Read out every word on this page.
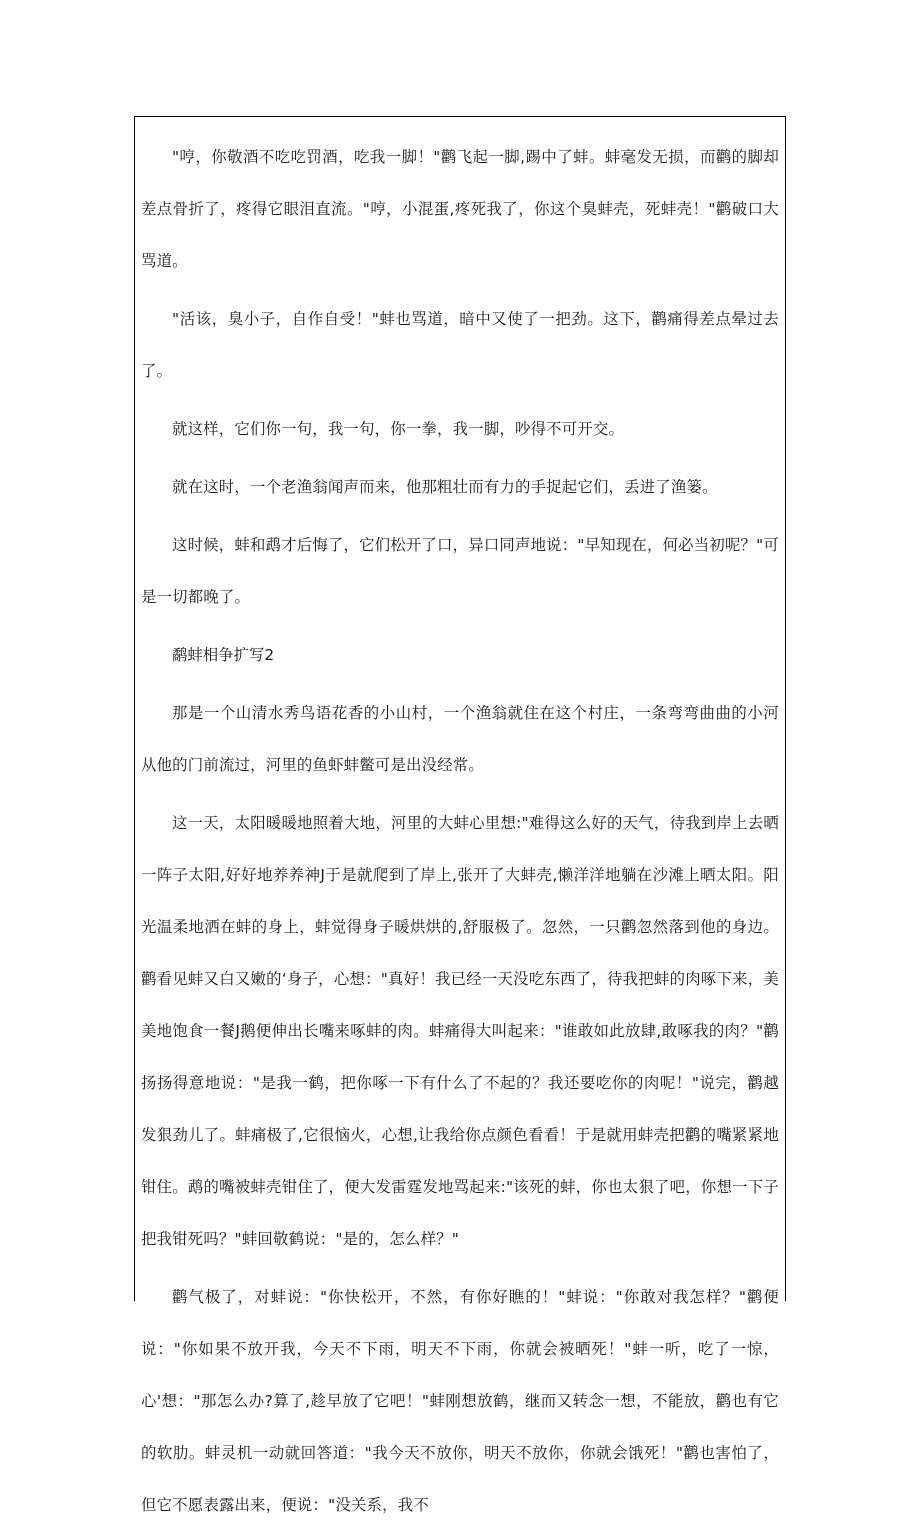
"哼，你敬酒不吃吃罚酒，吃我一脚！"鹳飞起一脚,踢中了蚌。蚌毫发无损，而鹳的脚却差点骨折了，疼得它眼泪直流。"哼，小混蛋,疼死我了，你这个臭蚌壳，死蚌壳！"鹳破口大骂道。

"活该，臭小子，自作自受！"蚌也骂道，暗中又使了一把劲。这下，鹳痛得差点晕过去了。

就这样，它们你一句，我一句，你一拳，我一脚，吵得不可开交。

就在这时，一个老渔翁闻声而来，他那粗壮而有力的手捉起它们，丢进了渔篓。

这时候，蚌和鹉才后悔了，它们松开了口，异口同声地说："早知现在，何必当初呢？"可是一切都晚了。

鹬蚌相争扩写2

那是一个山清水秀鸟语花香的小山村，一个渔翁就住在这个村庄，一条弯弯曲曲的小河从他的门前流过，河里的鱼虾蚌鳖可是出没经常。

这一天，太阳暖暖地照着大地，河里的大蚌心里想:"难得这么好的天气，待我到岸上去晒一阵子太阳,好好地养养神J于是就爬到了岸上,张开了大蚌壳,懒洋洋地躺在沙滩上晒太阳。阳光温柔地洒在蚌的身上，蚌觉得身子暖烘烘的,舒服极了。忽然，一只鹳忽然落到他的身边。鹳看见蚌又白又嫩的‘身子，心想："真好！我已经一天没吃东西了，待我把蚌的肉啄下来，美美地饱食一餐J鹅便伸出长嘴来啄蚌的肉。蚌痛得大叫起来："谁敢如此放肆,敢啄我的肉？"鹳扬扬得意地说："是我一鹤，把你啄一下有什么了不起的？我还要吃你的肉呢！"说完，鹳越发狠劲儿了。蚌痛极了,它很恼火，心想,让我给你点颜色看看！于是就用蚌壳把鹳的嘴紧紧地钳住。鹉的嘴被蚌壳钳住了，便大发雷霆发地骂起来:"该死的蚌，你也太狠了吧，你想一下子把我钳死吗？"蚌回敬鹤说："是的，怎么样？"

鹳气极了，对蚌说："你快松开，不然，有你好瞧的！"蚌说："你敢对我怎样？"鹳便说："你如果不放开我，今天不下雨，明天不下雨，你就会被晒死！"蚌一听，吃了一惊，心'想："那怎么办?算了,趁早放了它吧！"蚌刚想放鹤，继而又转念一想，不能放，鹳也有它的软肋。蚌灵机一动就回答道："我今天不放你，明天不放你，你就会饿死！"鹳也害怕了，但它不愿表露出来，便说："没关系，我不
